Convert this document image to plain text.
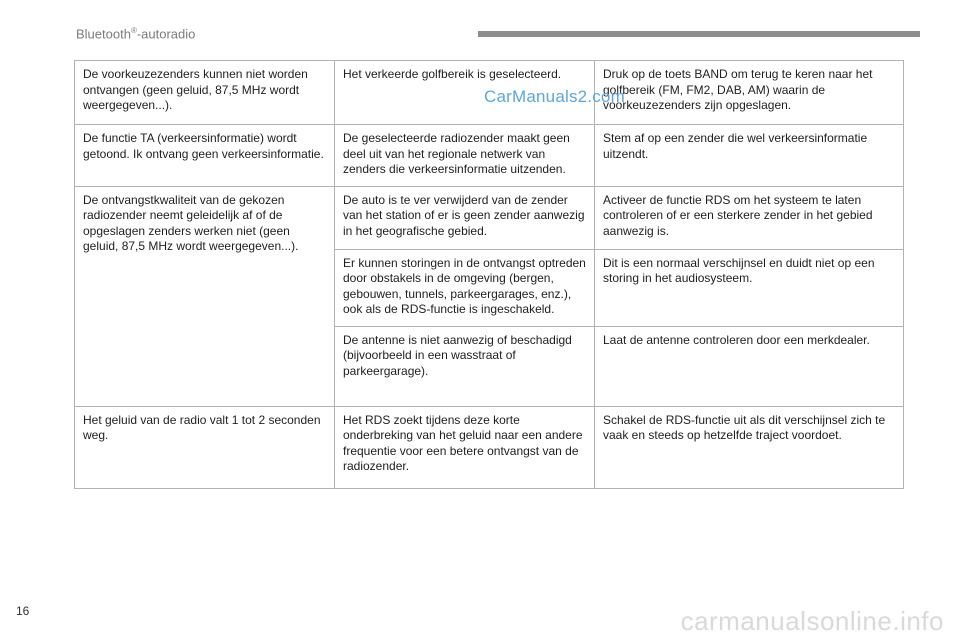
Bluetooth®-autoradio
De voorkeuzezenders kunnen niet worden ontvangen (geen geluid, 87,5 MHz wordt weergegeven...).	Het verkeerde golfbereik is geselecteerd.	Druk op de toets BAND om terug te keren naar het golfbereik (FM, FM2, DAB, AM) waarin de voorkeuzezenders zijn opgeslagen.
De functie TA (verkeersinformatie) wordt getoond. Ik ontvang geen verkeersinformatie.	De geselecteerde radiozender maakt geen deel uit van het regionale netwerk van zenders die verkeersinformatie uitzenden.	Stem af op een zender die wel verkeersinformatie uitzendt.
De ontvangstkwaliteit van de gekozen radiozender neemt geleidelijk af of de opgeslagen zenders werken niet (geen geluid, 87,5 MHz wordt weergegeven...).	De auto is te ver verwijderd van de zender van het station of er is geen zender aanwezig in het geografische gebied.	Activeer de functie RDS om het systeem te laten controleren of er een sterkere zender in het gebied aanwezig is.
	Er kunnen storingen in de ontvangst optreden door obstakels in de omgeving (bergen, gebouwen, tunnels, parkeergarages, enz.), ook als de RDS-functie is ingeschakeld.	Dit is een normaal verschijnsel en duidt niet op een storing in het audiosysteem.
	De antenne is niet aanwezig of beschadigd (bijvoorbeeld in een wasstraat of parkeergarage).	Laat de antenne controleren door een merkdealer.
Het geluid van de radio valt 1 tot 2 seconden weg.	Het RDS zoekt tijdens deze korte onderbreking van het geluid naar een andere frequentie voor een betere ontvangst van de radiozender.	Schakel de RDS-functie uit als dit verschijnsel zich te vaak en steeds op hetzelfde traject voordoet.
CarManuals2.com
16	carmanualsonline.info
